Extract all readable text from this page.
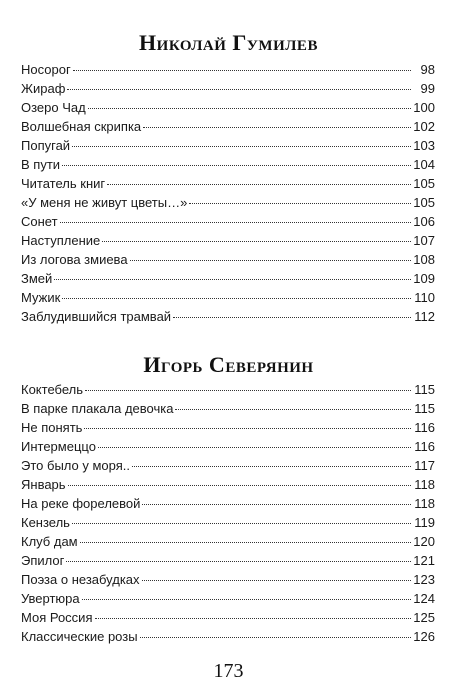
Николай Гумилев
Носорог	98
Жираф	99
Озеро Чад	100
Волшебная скрипка	102
Попугай	103
В пути	104
Читатель книг	105
«У меня не живут цветы…»	105
Сонет	106
Наступление	107
Из логова змиева	108
Змей	109
Мужик	110
Заблудившийся трамвай	112
Игорь Северянин
Коктебель	115
В парке плакала девочка	115
Не понять	116
Интермеццо	116
Это было у моря..	117
Январь	118
На реке форелевой	118
Кензель	119
Клуб дам	120
Эпилог	121
Поэза о незабудках	123
Увертюра	124
Моя Россия	125
Классические розы	126
173
